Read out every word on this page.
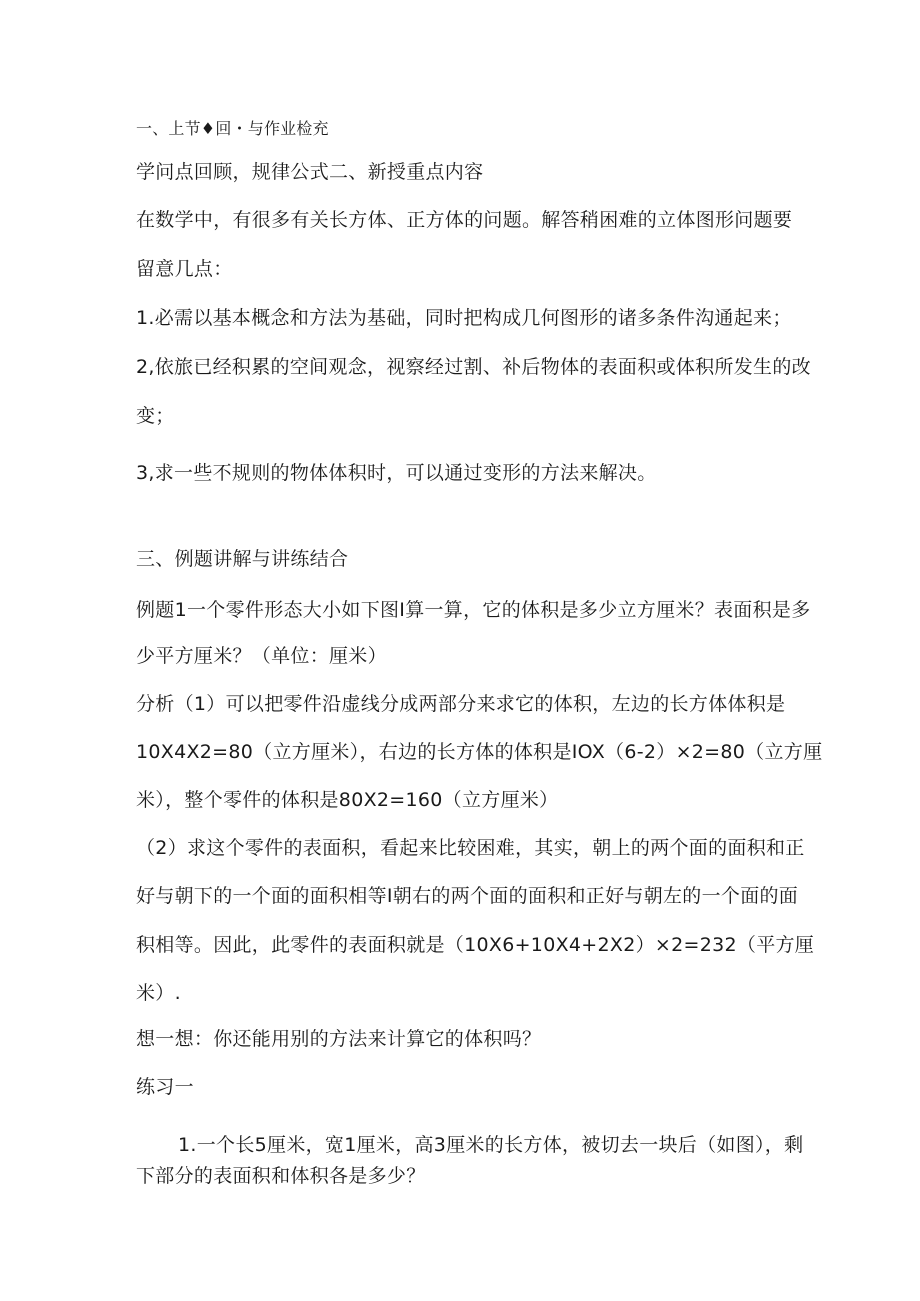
一、上节♦回・与作业检充
学问点回顾，规律公式二、新授重点内容
在数学中，有很多有关长方体、正方体的问题。解答稍困难的立体图形问题要
留意几点：
1.必需以基本概念和方法为基础，同时把构成几何图形的诸多条件沟通起来；
2,依旅已经积累的空间观念，视察经过割、补后物体的表面积或体积所发生的改
变；
3,求一些不规则的物体体积时，可以通过变形的方法来解决。
三、例题讲解与讲练结合
例题1一个零件形态大小如下图I算一算，它的体积是多少立方厘米？表面积是多
少平方厘米？（单位：厘米）
分析（1）可以把零件沿虚线分成两部分来求它的体积，左边的长方体体积是
10X4X2=80（立方厘米），右边的长方体的体积是IOX（6-2）×2=80（立方厘
米），整个零件的体积是80X2=160（立方厘米）
（2）求这个零件的表面积，看起来比较困难，其实，朝上的两个面的面积和正
好与朝下的一个面的面积相等I朝右的两个面的面积和正好与朝左的一个面的面
积相等。因此，此零件的表面积就是（10X6+10X4+2X2）×2=232（平方厘
米）.
想一想：你还能用别的方法来计算它的体积吗？
练习一
1.一个长5厘米，宽1厘米，高3厘米的长方体，被切去一块后（如图），剩
下部分的表面积和体积各是多少？
